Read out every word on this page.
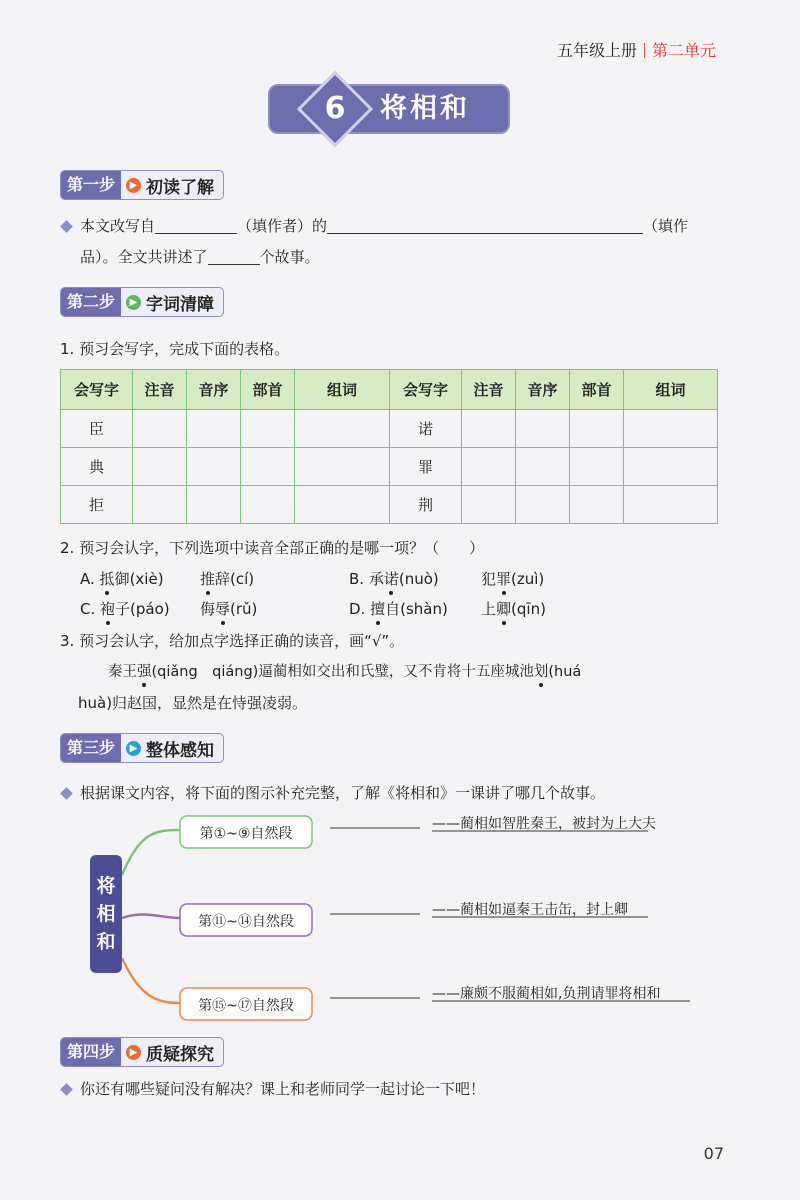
五年级上册 第二单元
6	将相和
第一步	▶ 初读了解
本文改写自	（填作者）的	（填作
品）。全文共讲述了	个故事。
第二步	▶ 字词清障
1. 预习会写字，完成下面的表格。
会写字	注音	音序	部首	组词	会写字	注音	音序	部首	组词
臣					诺				
典					罪				
拒					荆				
2. 预习会认字，下列选项中读音全部正确的是哪一项？（　　）
A. 抵御(xiè) 推辞(cí)	B. 承诺(nuò)	犯罪(zuì)
C. 袍子(páo) 侮辱(rǔ)	D. 擅自(shàn) 上卿(qīn)
3. 预习会认字，给加点字选择正确的读音，画“√”。
秦王强(qiǎng　qiáng)逼蔺相如交出和氏璧，又不肯将十五座城池划(huá
huà)归赵国，显然是在恃强凌弱。
第三步	▶ 整体感知
根据课文内容，将下面的图示补充完整，了解《将相和》一课讲了哪几个故事。
将
相
和
第①~⑨自然段
——蔺相如智胜秦王，被封为上大夫
第⑪~⑭自然段
——蔺相如逼秦王击缶，封上卿
第⑮~⑰自然段
——廉颇不服蔺相如,负荆请罪将相和
第四步	▶ 质疑探究
你还有哪些疑问没有解决？课上和老师同学一起讨论一下吧！
07
